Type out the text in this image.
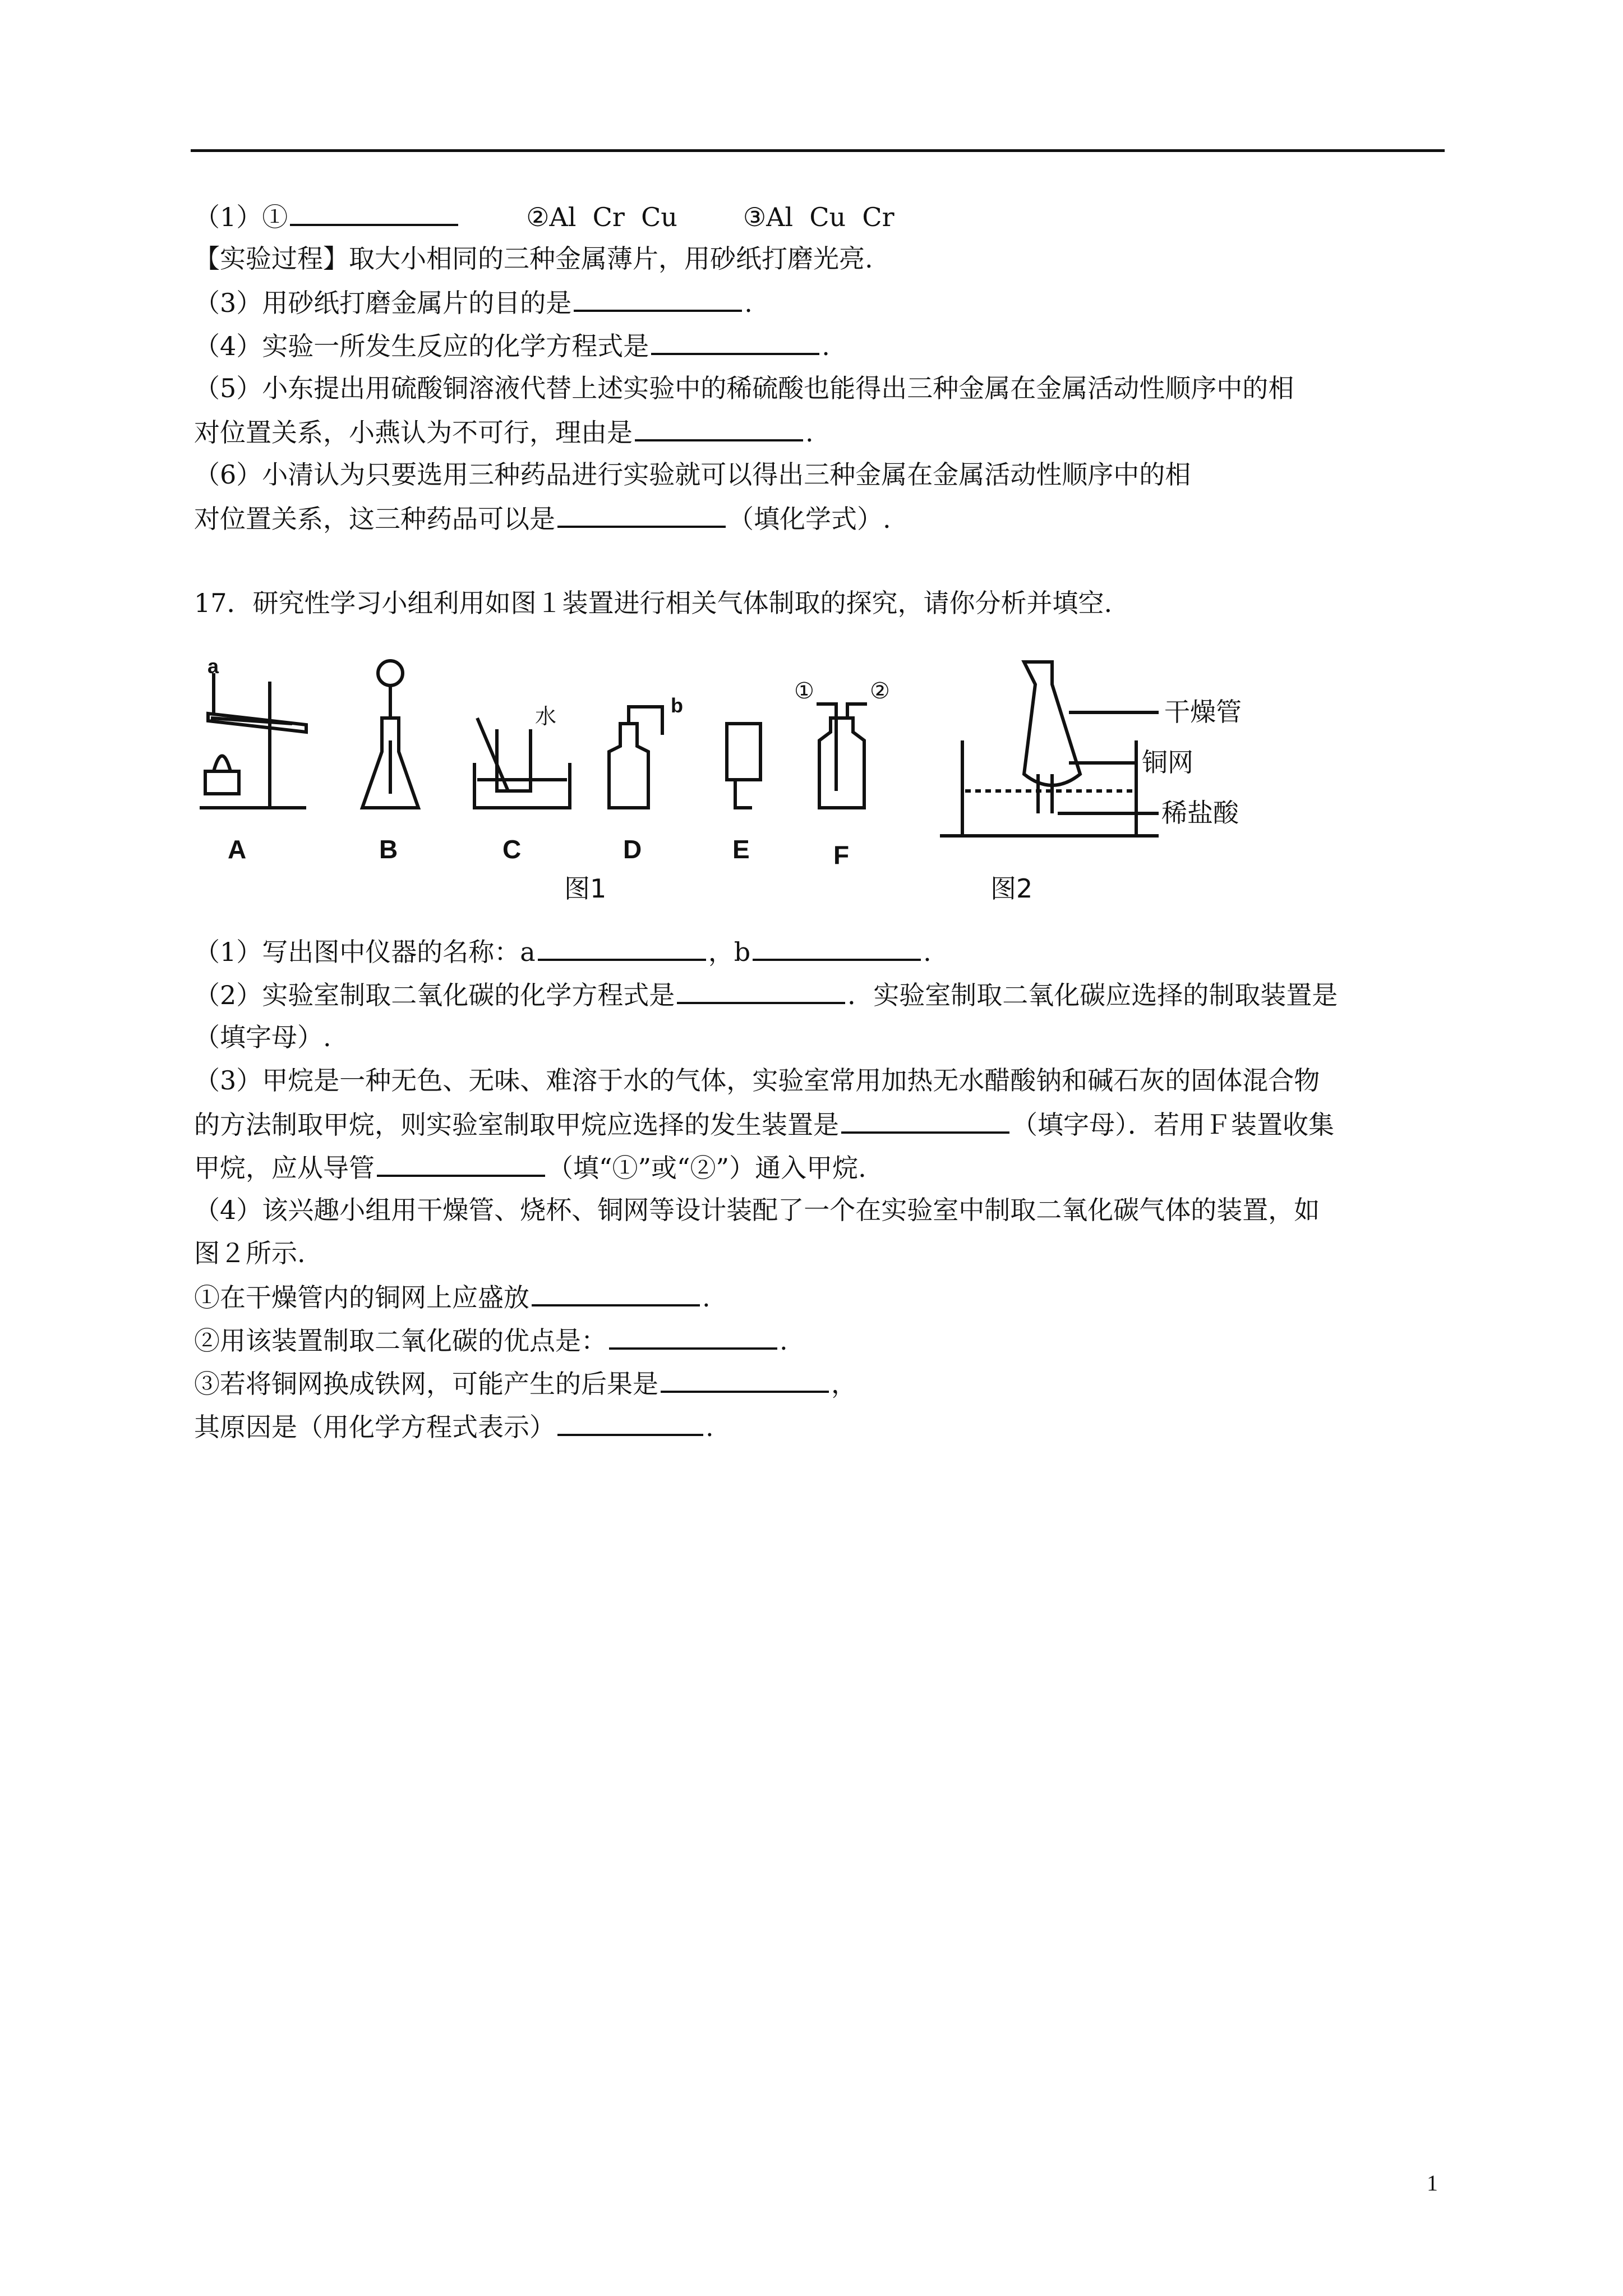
（1）①	②Al  Cr  Cu	③Al  Cu  Cr
【实验过程】取大小相同的三种金属薄片，用砂纸打磨光亮.
（3）用砂纸打磨金属片的目的是	.
（4）实验一所发生反应的化学方程式是	.
（5）小东提出用硫酸铜溶液代替上述实验中的稀硫酸也能得出三种金属在金属活动性顺序中的相
对位置关系，小燕认为不可行，理由是	.
（6）小清认为只要选用三种药品进行实验就可以得出三种金属在金属活动性顺序中的相
对位置关系，这三种药品可以是	（填化学式）.
17．研究性学习小组利用如图１装置进行相关气体制取的探究，请你分析并填空.
a
b
水
① ②
干燥管
铜网
稀盐酸
A	B	C	D	E	F
图1	图2
（1）写出图中仪器的名称：a	，b	.
（2）实验室制取二氧化碳的化学方程式是	．实验室制取二氧化碳应选择的制取装置是
（填字母）.
（3）甲烷是一种无色、无味、难溶于水的气体，实验室常用加热无水醋酸钠和碱石灰的固体混合物
的方法制取甲烷，则实验室制取甲烷应选择的发生装置是	（填字母）．若用Ｆ装置收集
甲烷，应从导管	（填“①”或“②”）通入甲烷.
（4）该兴趣小组用干燥管、烧杯、铜网等设计装配了一个在实验室中制取二氧化碳气体的装置，如
图２所示.
①在干燥管内的铜网上应盛放	.
②用该装置制取二氧化碳的优点是：	.
③若将铜网换成铁网，可能产生的后果是	，
其原因是（用化学方程式表示）	.
1
